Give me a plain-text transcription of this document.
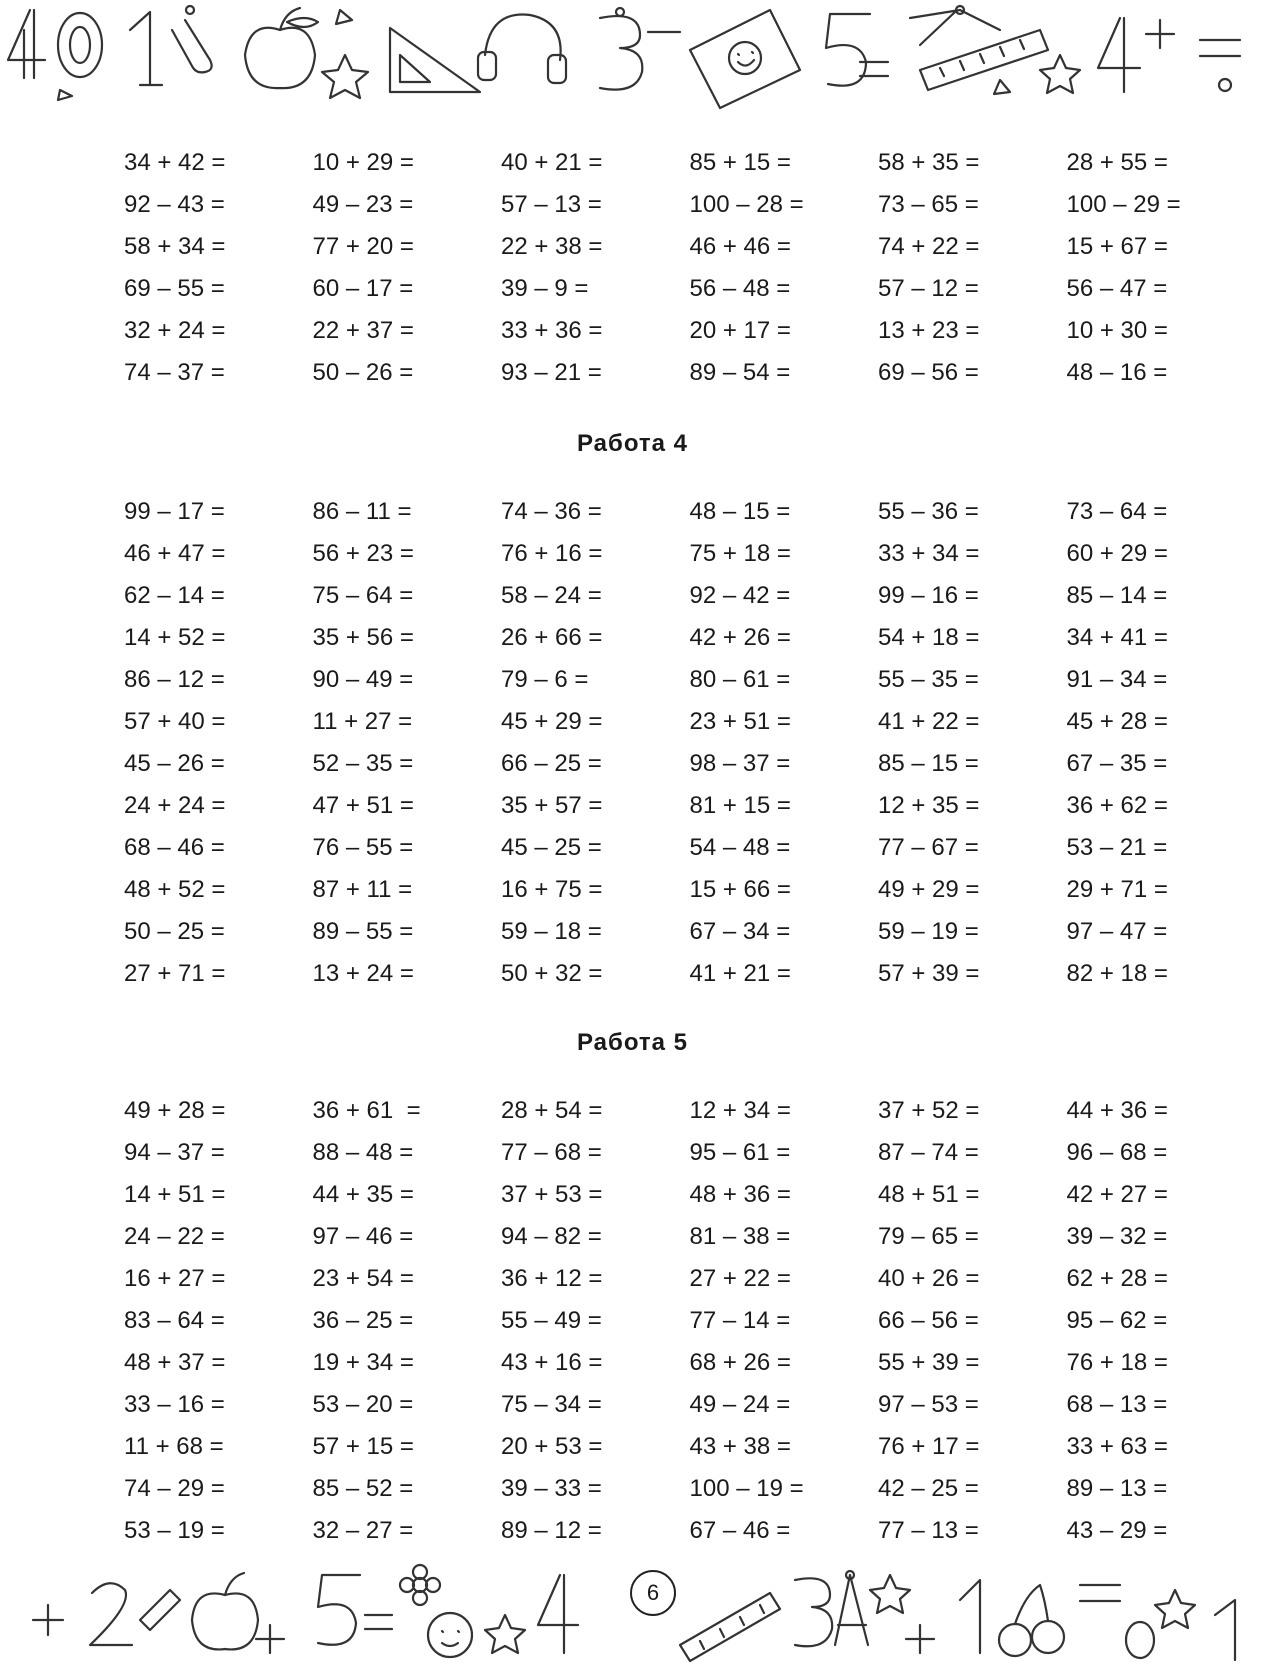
34 + 42 =	10 + 29 =	40 + 21 =	85 + 15 =	58 + 35 =	28 + 55 =
92 – 43 =	49 – 23 =	57 – 13 =	100 – 28 =	73 – 65 =	100 – 29 =
58 + 34 =	77 + 20 =	22 + 38 =	46 + 46 =	74 + 22 =	15 + 67 =
69 – 55 =	60 – 17 =	39 – 9 =	56 – 48 =	57 – 12 =	56 – 47 =
32 + 24 =	22 + 37 =	33 + 36 =	20 + 17 =	13 + 23 =	10 + 30 =
74 – 37 =	50 – 26 =	93 – 21 =	89 – 54 =	69 – 56 =	48 – 16 =
Работа 4
99 – 17 =	86 – 11 =	74 – 36 =	48 – 15 =	55 – 36 =	73 – 64 =
46 + 47 =	56 + 23 =	76 + 16 =	75 + 18 =	33 + 34 =	60 + 29 =
62 – 14 =	75 – 64 =	58 – 24 =	92 – 42 =	99 – 16 =	85 – 14 =
14 + 52 =	35 + 56 =	26 + 66 =	42 + 26 =	54 + 18 =	34 + 41 =
86 – 12 =	90 – 49 =	79 – 6 =	80 – 61 =	55 – 35 =	91 – 34 =
57 + 40 =	11 + 27 =	45 + 29 =	23 + 51 =	41 + 22 =	45 + 28 =
45 – 26 =	52 – 35 =	66 – 25 =	98 – 37 =	85 – 15 =	67 – 35 =
24 + 24 =	47 + 51 =	35 + 57 =	81 + 15 =	12 + 35 =	36 + 62 =
68 – 46 =	76 – 55 =	45 – 25 =	54 – 48 =	77 – 67 =	53 – 21 =
48 + 52 =	87 + 11 =	16 + 75 =	15 + 66 =	49 + 29 =	29 + 71 =
50 – 25 =	89 – 55 =	59 – 18 =	67 – 34 =	59 – 19 =	97 – 47 =
27 + 71 =	13 + 24 =	50 + 32 =	41 + 21 =	57 + 39 =	82 + 18 =
Работа 5
49 + 28 =	36 + 61  =	28 + 54 =	12 + 34 =	37 + 52 =	44 + 36 =
94 – 37 =	88 – 48 =	77 – 68 =	95 – 61 =	87 – 74 =	96 – 68 =
14 + 51 =	44 + 35 =	37 + 53 =	48 + 36 =	48 + 51 =	42 + 27 =
24 – 22 =	97 – 46 =	94 – 82 =	81 – 38 =	79 – 65 =	39 – 32 =
16 + 27 =	23 + 54 =	36 + 12 =	27 + 22 =	40 + 26 =	62 + 28 =
83 – 64 =	36 – 25 =	55 – 49 =	77 – 14 =	66 – 56 =	95 – 62 =
48 + 37 =	19 + 34 =	43 + 16 =	68 + 26 =	55 + 39 =	76 + 18 =
33 – 16 =	53 – 20 =	75 – 34 =	49 – 24 =	97 – 53 =	68 – 13 =
11 + 68 =	57 + 15 =	20 + 53 =	43 + 38 =	76 + 17 =	33 + 63 =
74 – 29 =	85 – 52 =	39 – 33 =	100 – 19 =	42 – 25 =	89 – 13 =
53 – 19 =	32 – 27 =	89 – 12 =	67 – 46 =	77 – 13 =	43 – 29 =
6
